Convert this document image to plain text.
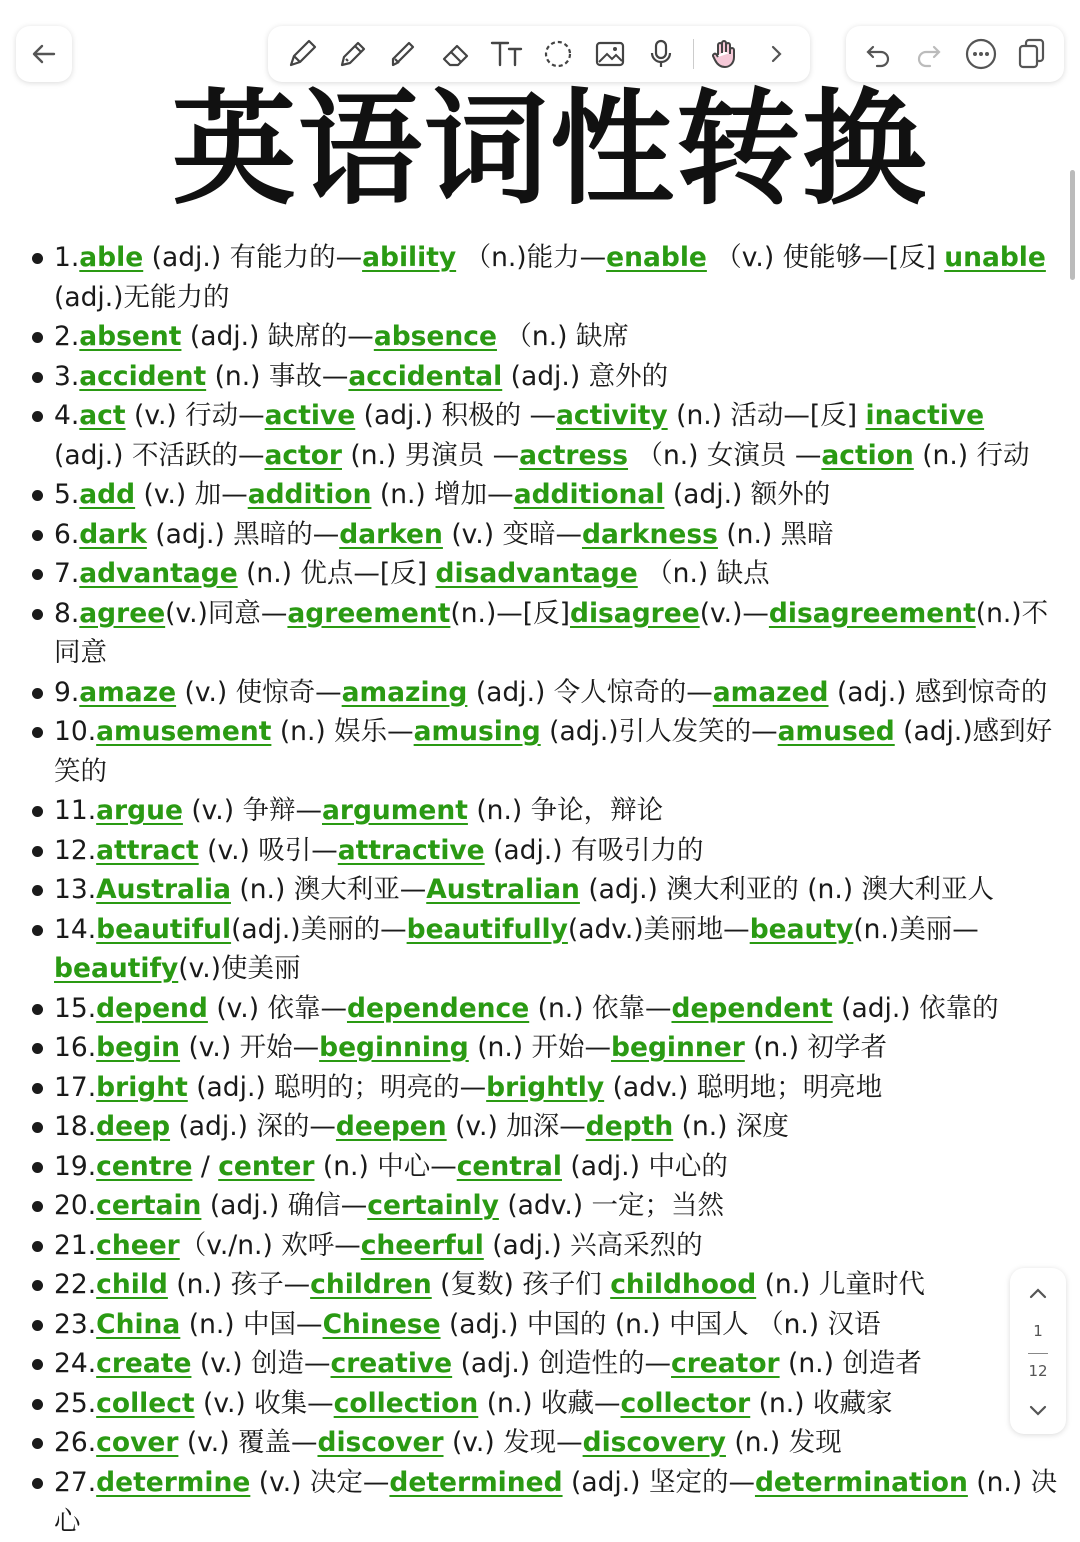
英语词性转换
1.able (adj.) 有能力的—ability （n.)能力—enable （v.) 使能够—[反] unable (adj.)无能力的
2.absent (adj.) 缺席的—absence （n.) 缺席
3.accident (n.) 事故—accidental (adj.) 意外的
4.act (v.) 行动—active (adj.) 积极的 —activity (n.) 活动—[反] inactive (adj.) 不活跃的—actor (n.) 男演员 —actress （n.) 女演员 —action (n.) 行动
5.add (v.) 加—addition (n.) 增加—additional (adj.) 额外的
6.dark (adj.) 黑暗的—darken (v.) 变暗—darkness (n.) 黑暗
7.advantage (n.) 优点—[反] disadvantage （n.) 缺点
8.agree(v.)同意—agreement(n.)—[反]disagree(v.)—disagreement(n.)不同意
9.amaze (v.) 使惊奇—amazing (adj.) 令人惊奇的—amazed (adj.) 感到惊奇的
10.amusement (n.) 娱乐—amusing (adj.)引人发笑的—amused (adj.)感到好笑的
11.argue (v.) 争辩—argument (n.) 争论，辩论
12.attract (v.) 吸引—attractive (adj.) 有吸引力的
13.Australia (n.) 澳大利亚—Australian (adj.) 澳大利亚的 (n.) 澳大利亚人
14.beautiful(adj.)美丽的—beautifully(adv.)美丽地—beauty(n.)美丽—beautify(v.)使美丽
15.depend (v.) 依靠—dependence (n.) 依靠—dependent (adj.) 依靠的
16.begin (v.) 开始—beginning (n.) 开始—beginner (n.) 初学者
17.bright (adj.) 聪明的；明亮的—brightly (adv.) 聪明地；明亮地
18.deep (adj.) 深的—deepen (v.) 加深—depth (n.) 深度
19.centre / center (n.) 中心—central (adj.) 中心的
20.certain (adj.) 确信—certainly (adv.) 一定；当然
21.cheer（v./n.) 欢呼—cheerful (adj.) 兴高采烈的
22.child (n.) 孩子—children (复数) 孩子们 childhood (n.) 儿童时代
23.China (n.) 中国—Chinese (adj.) 中国的 (n.) 中国人 （n.) 汉语
24.create (v.) 创造—creative (adj.) 创造性的—creator (n.) 创造者
25.collect (v.) 收集—collection (n.) 收藏—collector (n.) 收藏家
26.cover (v.) 覆盖—discover (v.) 发现—discovery (n.) 发现
27.determine (v.) 决定—determined (adj.) 坚定的—determination (n.) 决心
1
12
